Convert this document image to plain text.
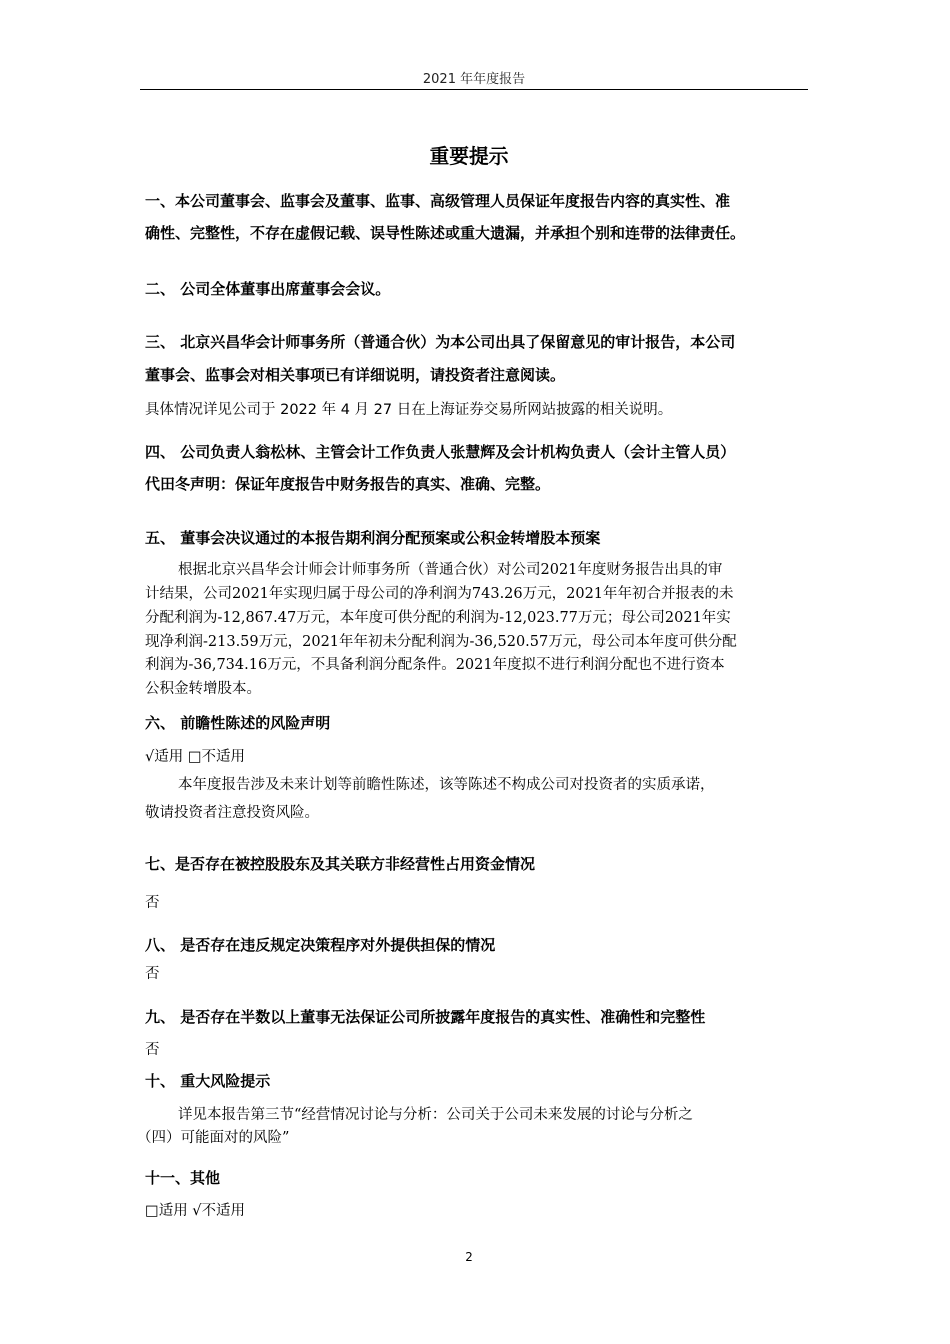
2021 年年度报告
重要提示
一、本公司董事会、监事会及董事、监事、高级管理人员保证年度报告内容的真实性、准
确性、完整性，不存在虚假记载、误导性陈述或重大遗漏，并承担个别和连带的法律责任。
二、 公司全体董事出席董事会会议。
三、 北京兴昌华会计师事务所（普通合伙）为本公司出具了保留意见的审计报告，本公司
董事会、监事会对相关事项已有详细说明，请投资者注意阅读。
具体情况详见公司于 2022 年 4 月 27 日在上海证券交易所网站披露的相关说明。
四、 公司负责人翁松林、主管会计工作负责人张慧辉及会计机构负责人（会计主管人员）
代田冬声明：保证年度报告中财务报告的真实、准确、完整。
五、 董事会决议通过的本报告期利润分配预案或公积金转增股本预案
根据北京兴昌华会计师会计师事务所（普通合伙）对公司2021年度财务报告出具的审
计结果，公司2021年实现归属于母公司的净利润为743.26万元，2021年年初合并报表的未
分配利润为-12,867.47万元，本年度可供分配的利润为-12,023.77万元；母公司2021年实
现净利润-213.59万元，2021年年初未分配利润为-36,520.57万元，母公司本年度可供分配
利润为-36,734.16万元，不具备利润分配条件。2021年度拟不进行利润分配也不进行资本
公积金转增股本。
六、 前瞻性陈述的风险声明
√适用 □不适用
本年度报告涉及未来计划等前瞻性陈述，该等陈述不构成公司对投资者的实质承诺，
敬请投资者注意投资风险。
七、是否存在被控股股东及其关联方非经营性占用资金情况
否
八、 是否存在违反规定决策程序对外提供担保的情况
否
九、 是否存在半数以上董事无法保证公司所披露年度报告的真实性、准确性和完整性
否
十、 重大风险提示
详见本报告第三节“经营情况讨论与分析：公司关于公司未来发展的讨论与分析之
（四）可能面对的风险”
十一、其他
□适用 √不适用
2
